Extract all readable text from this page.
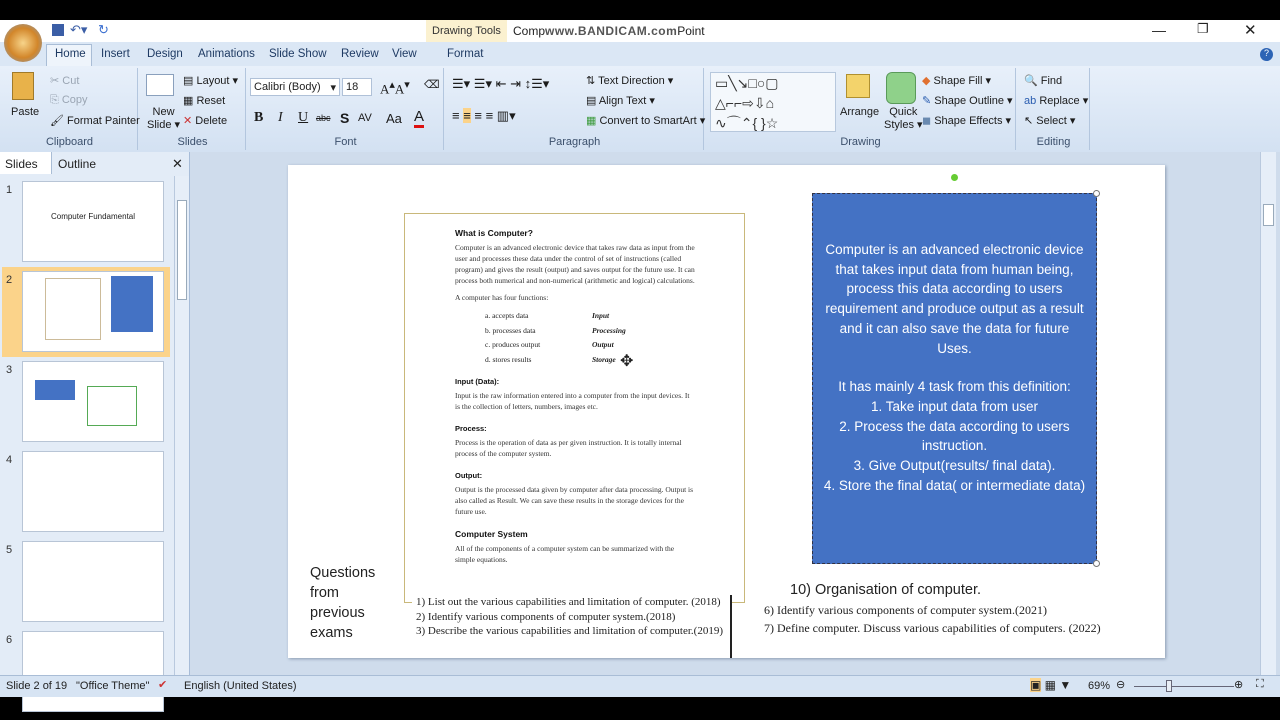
↶▾ ↻	Drawing Tools	Compwww.BANDICAM.comPoint	— ❐ ✕
Home Insert Design Animations Slide Show Review View	Format	?
Paste
✂ Cut
⎘ Copy
🖌 Format Painter
Clipboard
New
Slide ▾
▤ Layout ▾
▦ Reset
✕ Delete
Slides
Calibri (Body) ▾ 18	A▴A▾ ⌫
B I U abc S AV Aa A
Font
☰▾ ☰▾ ⇤ ⇥ ↕☰▾
≡ ≡ ≡ ≡ ▥▾
⇅ Text Direction ▾
▤ Align Text ▾
▦ Convert to SmartArt ▾
Paragraph
▭╲↘□○▢
△⌐⌐⇨⇩⌂
∿⌒⌃{ }☆
Arrange Quick
Styles ▾
◆ Shape Fill ▾
✎ Shape Outline ▾
◼ Shape Effects ▾
Drawing
🔍 Find
ab Replace ▾
↖ Select ▾
Editing
Slides	Outline	✕
1
Computer Fundamental
2

3
4
5
6
What is Computer?

Computer is an advanced electronic device that takes raw data as input from the user and processes these data under the control of set of instructions (called program) and gives the result (output) and saves output for the future use. It can process both numerical and non-numerical (arithmetic and logical) calculations.

A computer has four functions:

a. accepts data	Input
b. processes data	Processing
c. produces output	Output
d. stores results	Storage
Input (Data):

Input is the raw information entered into a computer from the input devices. It is the collection of letters, numbers, images etc.

Process:

Process is the operation of data as per given instruction. It is totally internal process of the computer system.

Output:

Output is the processed data given by computer after data processing. Output is also called as Result. We can save these results in the storage devices for the future use.

Computer System

All of the components of a computer system can be summarized with the simple equations.

✥
Computer is an advanced electronic device that takes input data from human being, process this data according to users requirement and produce output as a result and it can also save the data for future Uses.
It has mainly 4 task from this definition:
1. Take input data from user
2. Process the data according to users instruction.
3. Give Output(results/ final data).
4. Store the final data( or intermediate data)
Questions from previous exams
1) List out the various capabilities and limitation of computer. (2018)
2) Identify various components of computer system.(2018)
3) Describe the various capabilities and limitation of computer.(2019)
10) Organisation of computer.
6) Identify various components of computer system.(2021)
7) Define computer. Discuss various capabilities of computers. (2022)
Slide 2 of 19 "Office Theme" ✔ English (United States)	▣ ▦ ▼ 69% ⊖	⊕ ⛶
